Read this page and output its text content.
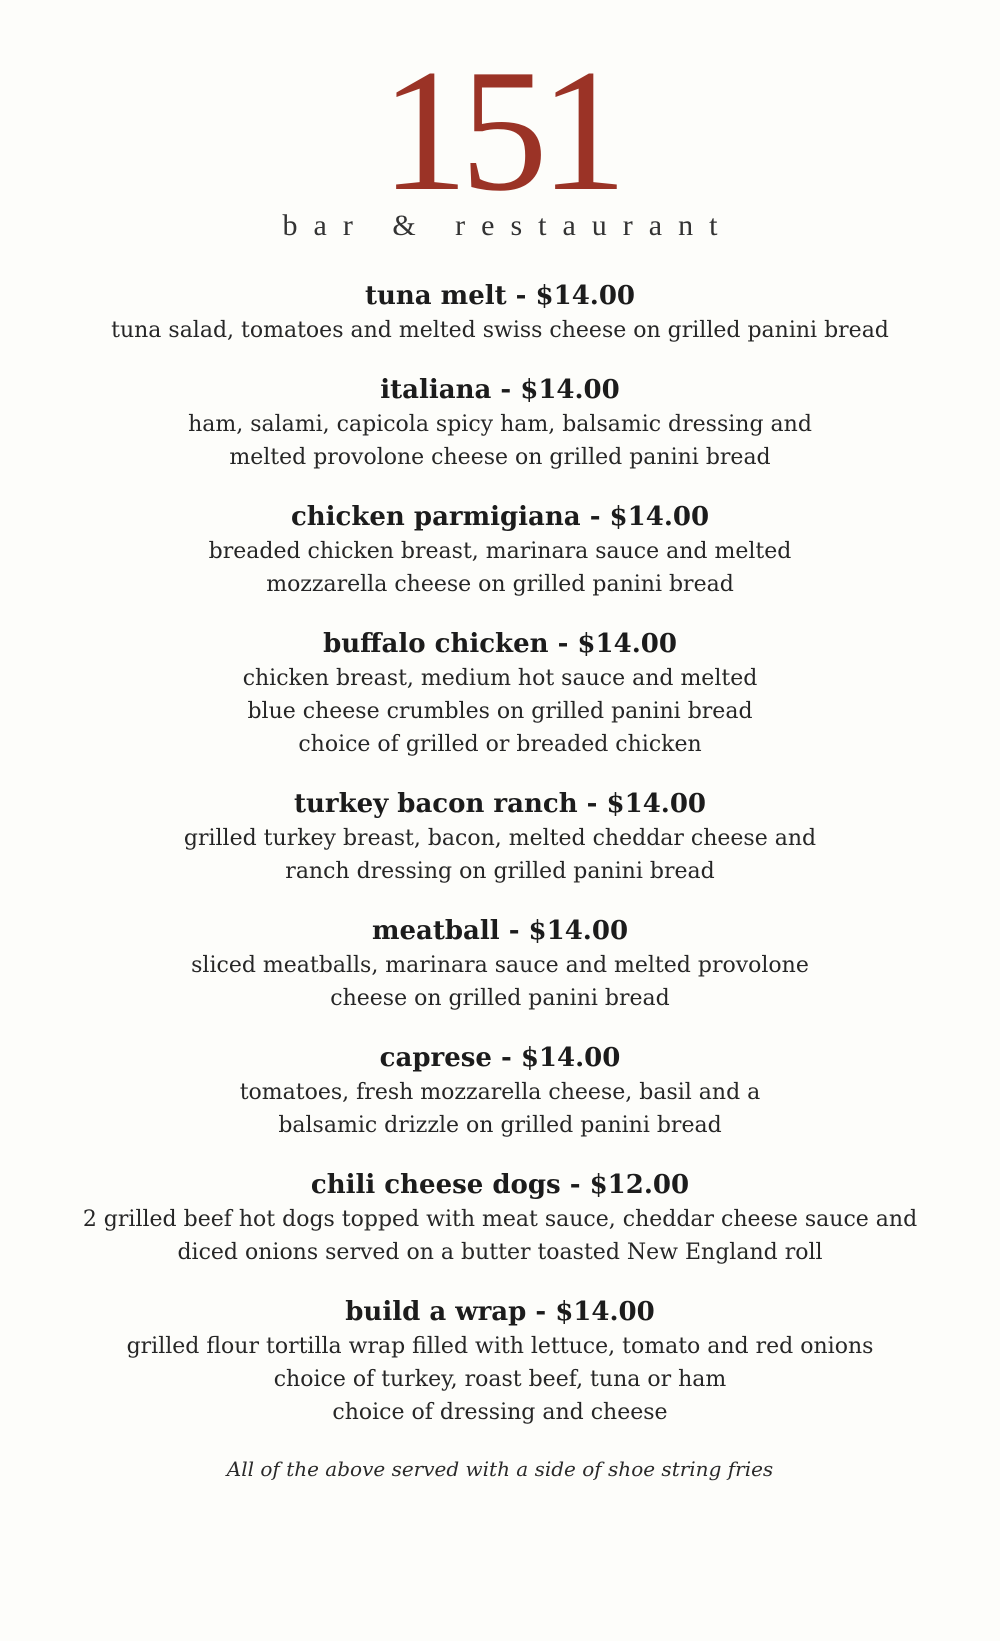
151
bar & restaurant
tuna melt - $14.00
tuna salad, tomatoes and melted swiss cheese on grilled panini bread
italiana - $14.00
ham, salami, capicola spicy ham, balsamic dressing and
melted provolone cheese on grilled panini bread
chicken parmigiana - $14.00
breaded chicken breast, marinara sauce and melted
mozzarella cheese on grilled panini bread
buffalo chicken - $14.00
chicken breast, medium hot sauce and melted
blue cheese crumbles on grilled panini bread
choice of grilled or breaded chicken
turkey bacon ranch - $14.00
grilled turkey breast, bacon, melted cheddar cheese and
ranch dressing on grilled panini bread
meatball - $14.00
sliced meatballs, marinara sauce and melted provolone
cheese on grilled panini bread
caprese - $14.00
tomatoes, fresh mozzarella cheese, basil and a
balsamic drizzle on grilled panini bread
chili cheese dogs - $12.00
2 grilled beef hot dogs topped with meat sauce, cheddar cheese sauce and
diced onions served on a butter toasted New England roll
build a wrap - $14.00
grilled flour tortilla wrap filled with lettuce, tomato and red onions
choice of turkey, roast beef, tuna or ham
choice of dressing and cheese
All of the above served with a side of shoe string fries
